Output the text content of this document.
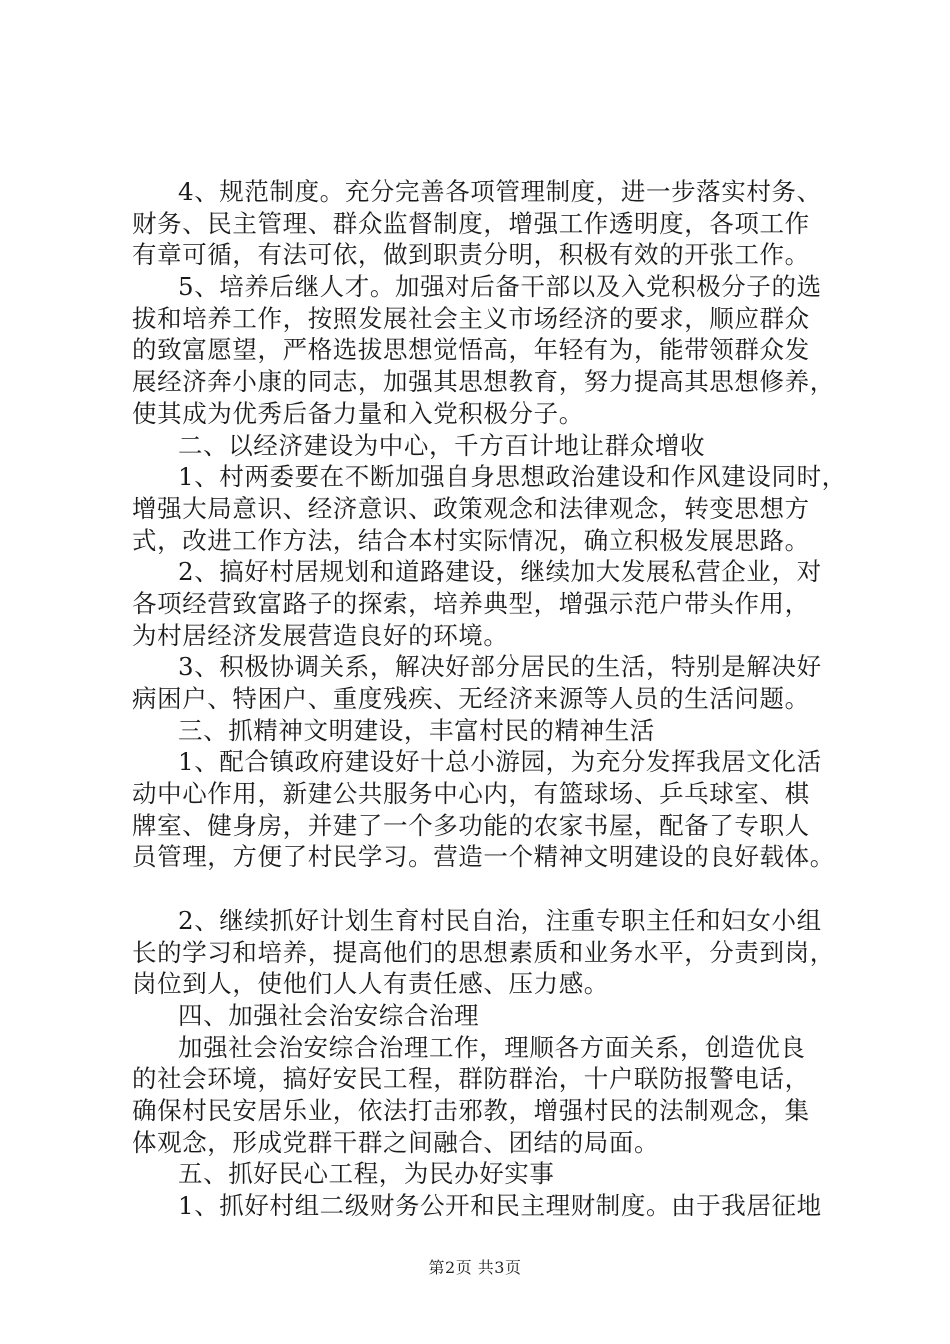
4、规范制度。充分完善各项管理制度，进一步落实村务、
财务、民主管理、群众监督制度，增强工作透明度，各项工作
有章可循，有法可依，做到职责分明，积极有效的开张工作。
5、培养后继人才。加强对后备干部以及入党积极分子的选
拔和培养工作，按照发展社会主义市场经济的要求，顺应群众
的致富愿望，严格选拔思想觉悟高，年轻有为，能带领群众发
展经济奔小康的同志，加强其思想教育，努力提高其思想修养，
使其成为优秀后备力量和入党积极分子。
二、以经济建设为中心，千方百计地让群众增收
1、村两委要在不断加强自身思想政治建设和作风建设同时，
增强大局意识、经济意识、政策观念和法律观念，转变思想方
式，改进工作方法，结合本村实际情况，确立积极发展思路。
2、搞好村居规划和道路建设，继续加大发展私营企业，对
各项经营致富路子的探索，培养典型，增强示范户带头作用，
为村居经济发展营造良好的环境。
3、积极协调关系，解决好部分居民的生活，特别是解决好
病困户、特困户、重度残疾、无经济来源等人员的生活问题。
三、抓精神文明建设，丰富村民的精神生活
1、配合镇政府建设好十总小游园，为充分发挥我居文化活
动中心作用，新建公共服务中心内，有篮球场、乒乓球室、棋
牌室、健身房，并建了一个多功能的农家书屋，配备了专职人
员管理，方便了村民学习。营造一个精神文明建设的良好载体。
2、继续抓好计划生育村民自治，注重专职主任和妇女小组
长的学习和培养，提高他们的思想素质和业务水平，分责到岗，
岗位到人，使他们人人有责任感、压力感。
四、加强社会治安综合治理
加强社会治安综合治理工作，理顺各方面关系，创造优良
的社会环境，搞好安民工程，群防群治，十户联防报警电话，
确保村民安居乐业，依法打击邪教，增强村民的法制观念，集
体观念，形成党群干群之间融合、团结的局面。
五、抓好民心工程，为民办好实事
1、抓好村组二级财务公开和民主理财制度。由于我居征地
第2页 共3页
